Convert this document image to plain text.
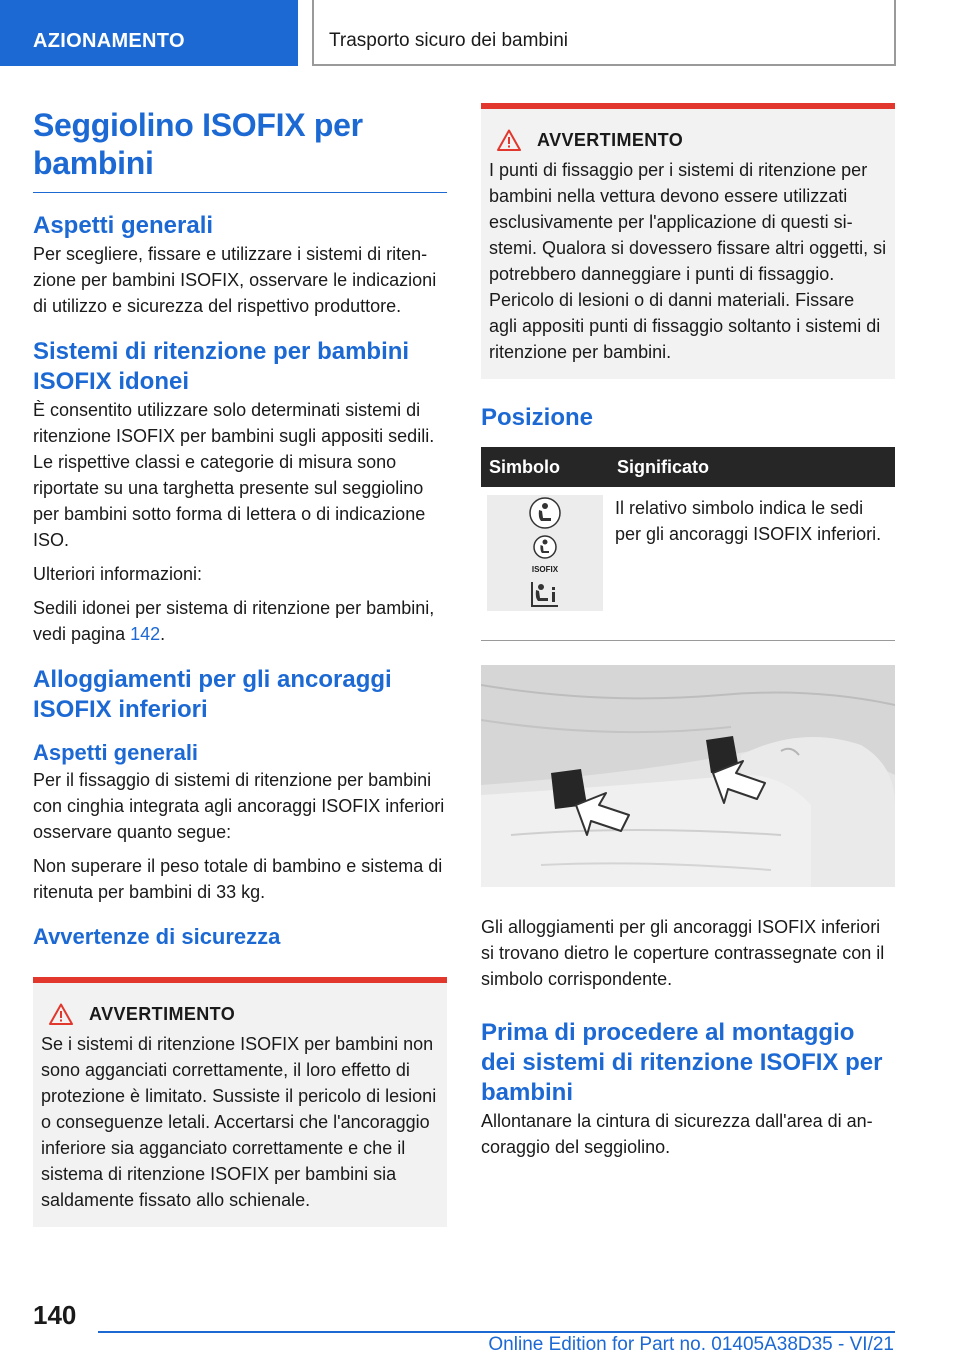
AZIONAMENTO	Trasporto sicuro dei bambini
Seggiolino ISOFIX per bambini
Aspetti generali

Per scegliere, fissare e utilizzare i sistemi di ritenzione per bambini ISOFIX, osservare le indicazioni di utilizzo e sicurezza del rispettivo produttore.

Sistemi di ritenzione per bambini ISOFIX idonei

È consentito utilizzare solo determinati sistemi di ritenzione ISOFIX per bambini sugli appositi sedili. Le rispettive classi e categorie di misura sono riportate su una targhetta presente sul seggiolino per bambini sotto forma di lettera o di indicazione ISO.

Ulteriori informazioni:

Sedili idonei per sistema di ritenzione per bambini, vedi pagina 142.

Alloggiamenti per gli ancoraggi ISOFIX inferiori
Aspetti generali

Per il fissaggio di sistemi di ritenzione per bambini con cinghia integrata agli ancoraggi ISOFIX inferiori osservare quanto segue:

Non superare il peso totale di bambino e sistema di ritenuta per bambini di 33 kg.

Avvertenze di sicurezza
AVVERTIMENTO

Se i sistemi di ritenzione ISOFIX per bambini non sono agganciati correttamente, il loro effetto di protezione è limitato. Sussiste il pericolo di lesioni o conseguenze letali. Accertarsi che l'ancoraggio inferiore sia agganciato correttamente e che il sistema di ritenzione ISOFIX per bambini sia saldamente fissato allo schienale.

AVVERTIMENTO

I punti di fissaggio per i sistemi di ritenzione per bambini nella vettura devono essere utilizzati esclusivamente per l'applicazione di questi sistemi. Qualora si dovessero fissare altri oggetti, si potrebbero danneggiare i punti di fissaggio. Pericolo di lesioni o di danni materiali. Fissare agli appositi punti di fissaggio soltanto i sistemi di ritenzione per bambini.

Posizione
Simbolo	Significato

ISOFIX	Il relativo simbolo indica le sedi per gli ancoraggi ISOFIX inferiori.

Gli alloggiamenti per gli ancoraggi ISOFIX inferiori si trovano dietro le coperture contrassegnate con il simbolo corrispondente.

Prima di procedere al montaggio dei sistemi di ritenzione ISOFIX per bambini

Allontanare la cintura di sicurezza dall'area di ancoraggio del seggiolino.

140
Online Edition for Part no. 01405A38D35 - VI/21
